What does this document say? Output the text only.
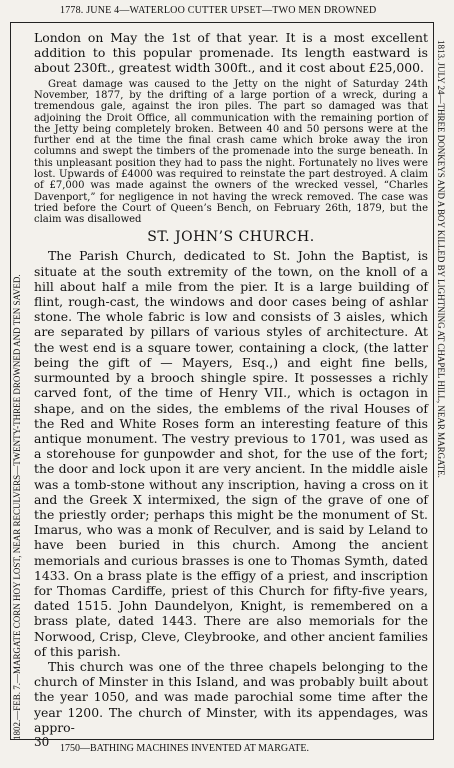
1778. JUNE 4—WATERLOO CUTTER UPSET—TWO MEN DROWNED
1802.—FEB. 7.—MARGATE CORN HOY LOST, NEAR RECULVERS—TWENTY-THREE DROWNED AND TEN SAVED.
1813. JULY 24—THREE DONKEYS AND A BOY KILLED BY LIGHTNING AT CHAPEL HILL, NEAR MARGATE.

London on May the 1st of that year. It is a most excellent addition to this popular promenade. Its length eastward is about 230ft., greatest width 300ft., and it cost about £25,000.

Great damage was caused to the Jetty on the night of Saturday 24th November, 1877, by the drifting of a large portion of a wreck, during a tremendous gale, against the iron piles. The part so damaged was that adjoining the Droit Office, all communication with the remaining portion of the Jetty being completely broken. Between 40 and 50 persons were at the further end at the time the final crash came which broke away the iron columns and swept the timbers of the promenade into the surge beneath. In this unpleasant position they had to pass the night. Fortunately no lives were lost. Upwards of £4000 was required to reinstate the part destroyed. A claim of £7,000 was made against the owners of the wrecked vessel, “Charles Davenport,” for negligence in not having the wreck removed. The case was tried before the Court of Queen’s Bench, on February 26th, 1879, but the claim was disallowed

ST. JOHN’S CHURCH.

The Parish Church, dedicated to St. John the Baptist, is situate at the south extremity of the town, on the knoll of a hill about half a mile from the pier. It is a large building of flint, rough-cast, the windows and door cases being of ashlar stone. The whole fabric is low and consists of 3 aisles, which are separated by pillars of various styles of architecture. At the west end is a square tower, containing a clock, (the latter being the gift of — Mayers, Esq.,) and eight fine bells, surmounted by a brooch shingle spire. It possesses a richly carved font, of the time of Henry VII., which is octagon in shape, and on the sides, the emblems of the rival Houses of the Red and White Roses form an interesting feature of this antique monument. The vestry previous to 1701, was used as a storehouse for gunpowder and shot, for the use of the fort; the door and lock upon it are very ancient. In the middle aisle was a tomb-stone without any inscription, having a cross on it and the Greek X intermixed, the sign of the grave of one of the priestly order; perhaps this might be the monument of St. Imarus, who was a monk of Reculver, and is said by Leland to have been buried in this church. Among the ancient memorials and curious brasses is one to Thomas Symth, dated 1433. On a brass plate is the effigy of a priest, and inscription for Thomas Cardiffe, priest of this Church for fifty-five years, dated 1515. John Daundelyon, Knight, is remembered on a brass plate, dated 1443. There are also memorials for the Norwood, Crisp, Cleve, Cleybrooke, and other ancient families of this parish.

This church was one of the three chapels belonging to the church of Minster in this Island, and was probably built about the year 1050, and was made parochial some time after the year 1200. The church of Minster, with its appendages, was appro-

30	1750—BATHING MACHINES INVENTED AT MARGATE.
